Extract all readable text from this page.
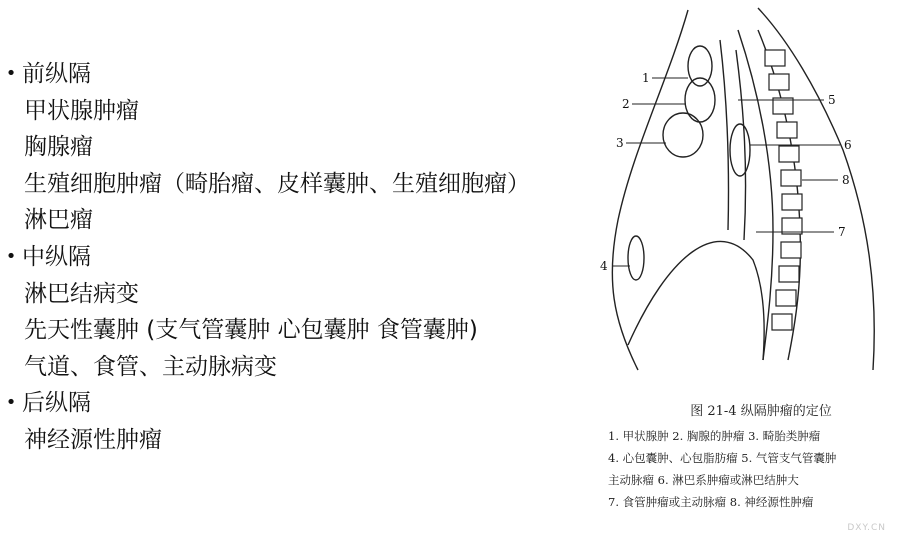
• 前纵隔
甲状腺肿瘤
胸腺瘤
生殖细胞肿瘤（畸胎瘤、皮样囊肿、生殖细胞瘤）
淋巴瘤
• 中纵隔
淋巴结病变
先天性囊肿 (支气管囊肿 心包囊肿 食管囊肿)
气道、食管、主动脉病变
• 后纵隔
神经源性肿瘤
1
2
3
4
5
6
7
8
图 21-4 纵隔肿瘤的定位
1. 甲状腺肿 2. 胸腺的肿瘤 3. 畸胎类肿瘤
4. 心包囊肿、心包脂肪瘤 5. 气管支气管囊肿
主动脉瘤 6. 淋巴系肿瘤或淋巴结肿大
7. 食管肿瘤或主动脉瘤 8. 神经源性肿瘤
DXY.CN
